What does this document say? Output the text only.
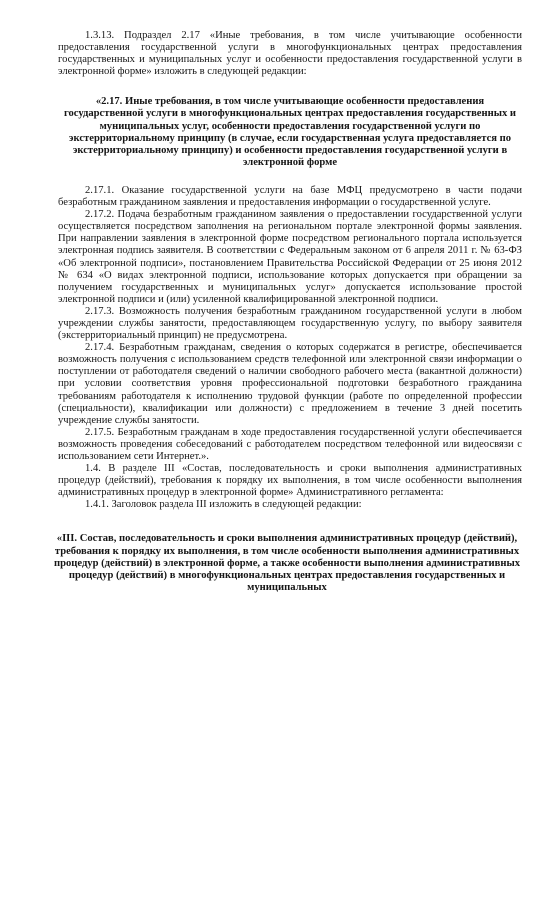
1.3.13. Подраздел 2.17 «Иные требования, в том числе учитывающие особенности предоставления государственной услуги в многофункциональных центрах предоставления государственных и муниципальных услуг и особенности предоставления государственной услуги в электронной форме» изложить в следующей редакции:

«2.17. Иные требования, в том числе учитывающие особенности предоставления государственной услуги в многофункциональных центрах предоставления государственных и муниципальных услуг, особенности предоставления государственной услуги по экстерриториальному принципу (в случае, если государственная услуга предоставляется по экстерриториальному принципу) и особенности предоставления государственной услуги в электронной форме

2.17.1. Оказание государственной услуги на базе МФЦ предусмотрено в части подачи безработным гражданином заявления и предоставления информации о государственной услуге.

2.17.2. Подача безработным гражданином заявления о предоставлении государственной услуги осуществляется посредством заполнения на региональном портале электронной формы заявления. При направлении заявления в электронной форме посредством регионального портала используется электронная подпись заявителя. В соответствии с Федеральным законом от 6 апреля 2011 г. № 63-ФЗ «Об электронной подписи», постановлением Правительства Российской Федерации от 25 июня 2012 № 634 «О видах электронной подписи, использование которых допускается при обращении за получением государственных и муниципальных услуг» допускается использование простой электронной подписи и (или) усиленной квалифицированной электронной подписи.

2.17.3. Возможность получения безработным гражданином государственной услуги в любом учреждении службы занятости, предоставляющем государственную услугу, по выбору заявителя (экстерриториальный принцип) не предусмотрена.

2.17.4. Безработным гражданам, сведения о которых содержатся в регистре, обеспечивается возможность получения с использованием средств телефонной или электронной связи информации о поступлении от работодателя сведений о наличии свободного рабочего места (вакантной должности) при условии соответствия уровня профессиональной подготовки безработного гражданина требованиям работодателя к исполнению трудовой функции (работе по определенной профессии (специальности), квалификации или должности) с предложением в течение 3 дней посетить учреждение службы занятости.

2.17.5. Безработным гражданам в ходе предоставления государственной услуги обеспечивается возможность проведения собеседований с работодателем посредством телефонной или видеосвязи с использованием сети Интернет.».

1.4. В разделе III «Состав, последовательность и сроки выполнения административных процедур (действий), требования к порядку их выполнения, в том числе особенности выполнения административных процедур в электронной форме» Административного регламента:

1.4.1. Заголовок раздела III изложить в следующей редакции:

«III. Состав, последовательность и сроки выполнения административных процедур (действий), требования к порядку их выполнения, в том числе особенности выполнения административных процедур (действий) в электронной форме, а также особенности выполнения административных процедур (действий) в многофункциональных центрах предоставления государственных и муниципальных
